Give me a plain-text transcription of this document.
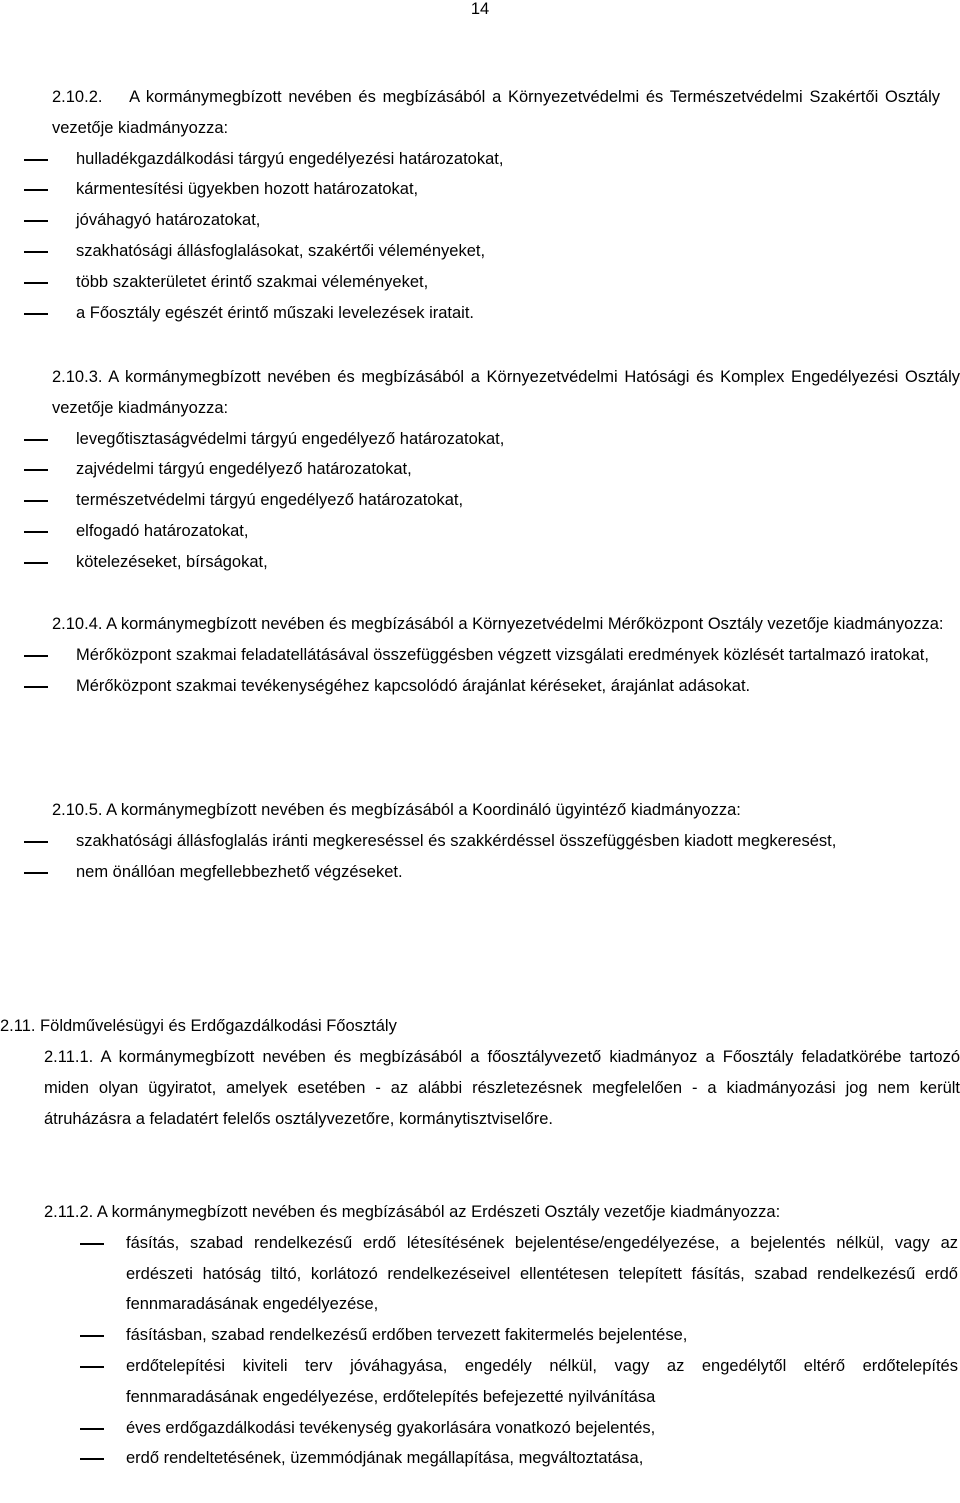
14
2.10.2. A kormánymegbízott nevében és megbízásából a Környezetvédelmi és Természetvédelmi Szakértői Osztály vezetője kiadmányozza:
hulladékgazdálkodási tárgyú engedélyezési határozatokat,
kármentesítési ügyekben hozott határozatokat,
jóváhagyó határozatokat,
szakhatósági állásfoglalásokat, szakértői véleményeket,
több szakterületet érintő szakmai véleményeket,
a Főosztály egészét érintő műszaki levelezések iratait.
2.10.3. A kormánymegbízott nevében és megbízásából a Környezetvédelmi Hatósági és Komplex Engedélyezési Osztály vezetője kiadmányozza:
levegőtisztaságvédelmi tárgyú engedélyező határozatokat,
zajvédelmi tárgyú engedélyező határozatokat,
természetvédelmi tárgyú engedélyező határozatokat,
elfogadó határozatokat,
kötelezéseket, bírságokat,
2.10.4. A kormánymegbízott nevében és megbízásából a Környezetvédelmi Mérőközpont Osztály vezetője kiadmányozza:
Mérőközpont szakmai feladatellátásával összefüggésben végzett vizsgálati eredmények közlését tartalmazó iratokat,
Mérőközpont szakmai tevékenységéhez kapcsolódó árajánlat kéréseket, árajánlat adásokat.
2.10.5. A kormánymegbízott nevében és megbízásából a Koordináló ügyintéző kiadmányozza:
szakhatósági állásfoglalás iránti megkereséssel és szakkérdéssel összefüggésben kiadott megkeresést,
nem önállóan megfellebbezhető végzéseket.
2.11. Földművelésügyi és Erdőgazdálkodási Főosztály
2.11.1. A kormánymegbízott nevében és megbízásából a főosztályvezető kiadmányoz a Főosztály feladatkörébe tartozó miden olyan ügyiratot, amelyek esetében - az alábbi részletezésnek megfelelően - a kiadmányozási jog nem került átruházásra a feladatért felelős osztályvezetőre, kormánytisztviselőre.
2.11.2. A kormánymegbízott nevében és megbízásából az Erdészeti Osztály vezetője kiadmányozza:
fásítás, szabad rendelkezésű erdő létesítésének bejelentése/engedélyezése, a bejelentés nélkül, vagy az erdészeti hatóság tiltó, korlátozó rendelkezéseivel ellentétesen telepített fásítás, szabad rendelkezésű erdő fennmaradásának engedélyezése,
fásításban, szabad rendelkezésű erdőben tervezett fakitermelés bejelentése,
erdőtelepítési kiviteli terv jóváhagyása, engedély nélkül, vagy az engedélytől eltérő erdőtelepítés fennmaradásának engedélyezése, erdőtelepítés befejezetté nyilvánítása
éves erdőgazdálkodási tevékenység gyakorlására vonatkozó bejelentés,
erdő rendeltetésének, üzemmódjának megállapítása, megváltoztatása,
